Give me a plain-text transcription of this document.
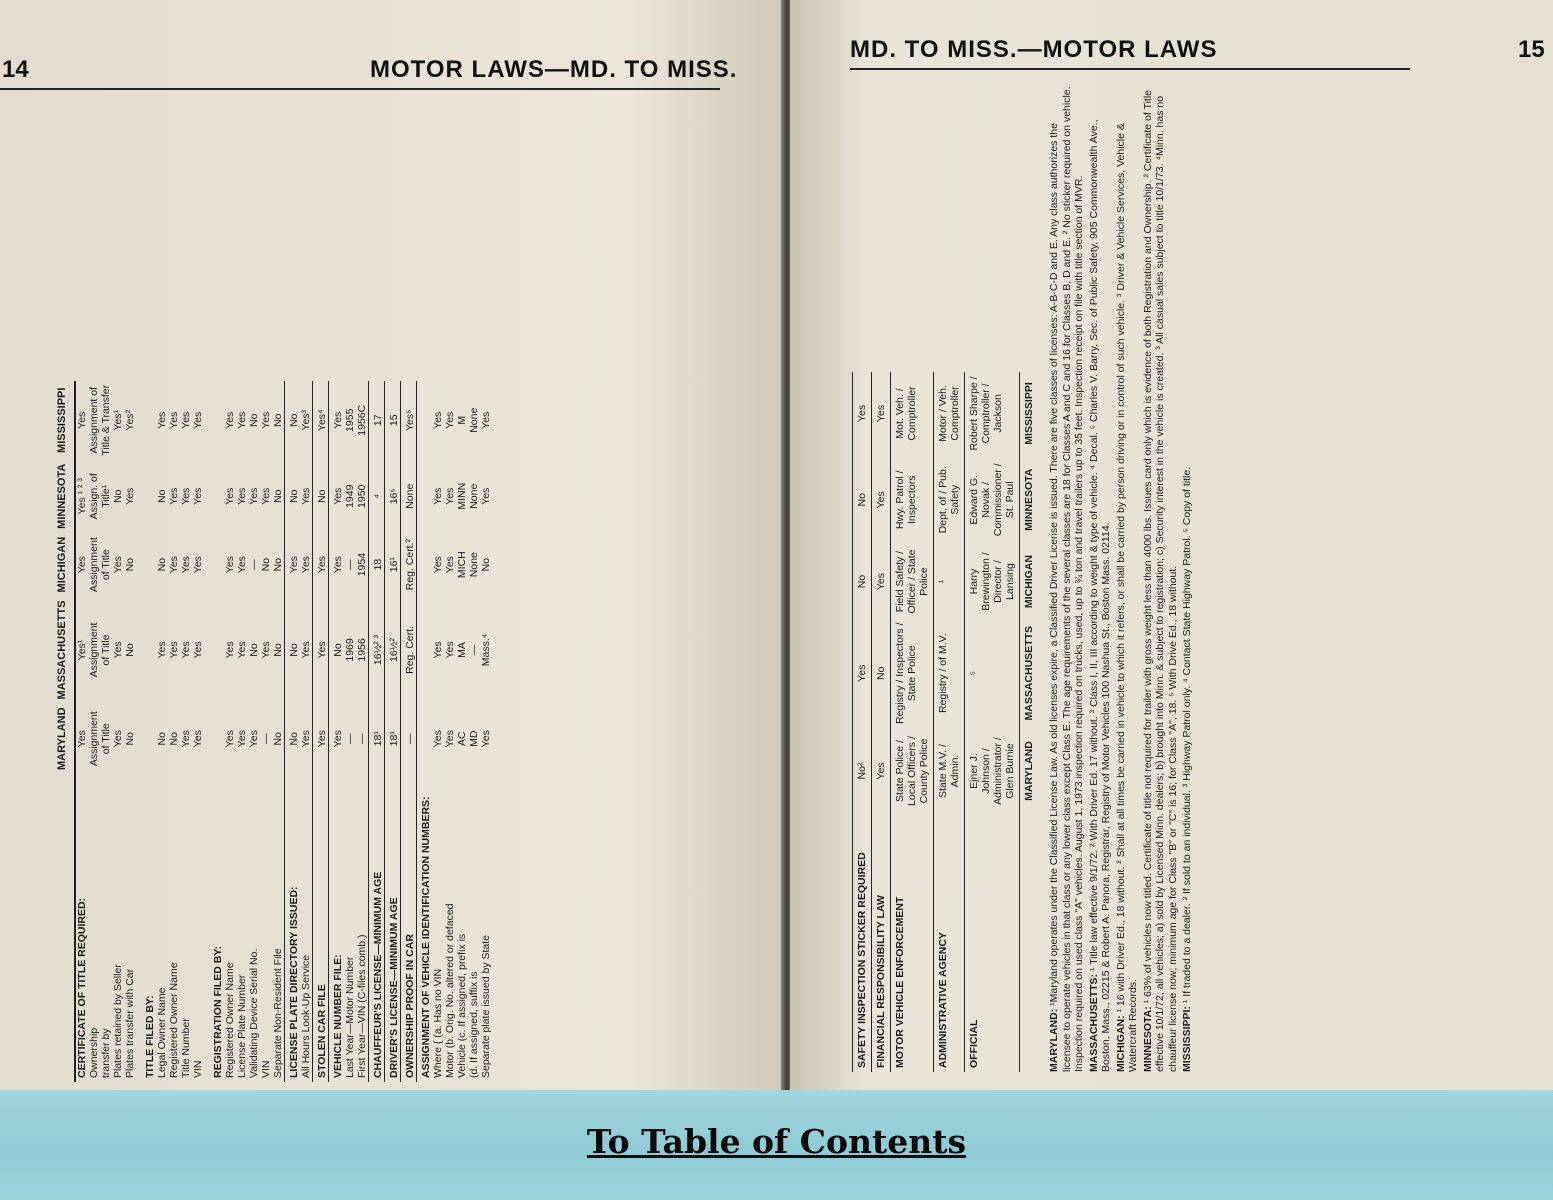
14	MOTOR LAWS—MD. TO MISS.
	MARYLAND	MASSACHUSETTS	MICHIGAN	MINNESOTA	MISSISSIPPI
CERTIFICATE OF TITLE REQUIRED:	Yes	Yes¹	Yes	Yes ¹ ² ³	Yes
Ownership	Assignment	Assignment	Assignment	Assign. of	Assignment of
transfer by	of Title	of Title	of Title	Title¹	Title & Transfer
Plates retained by Seller	Yes	Yes	Yes	No	Yes¹
Plates transfer with Car	No	No	No	Yes	Yes²

TITLE FILED BY:					
Legal Owner Name	No	Yes	No	No	Yes
Registered Owner Name	No	Yes	Yes	Yes	Yes
Title Number	Yes	Yes	Yes	Yes	Yes
VIN	Yes	Yes	Yes	Yes	Yes

REGISTRATION FILED BY:					
Registered Owner Name	Yes	Yes	Yes	Yes	Yes
License Plate Number	Yes	Yes	Yes	Yes	Yes
Validating Device Serial No.	Yes	No	—	Yes	No
VIN	—	Yes	No	Yes	Yes
Separate Non-Resident File	No	No	No	No	No
LICENSE PLATE DIRECTORY ISSUED:	No	No	Yes	No	No
All Hours Look-Up Service	Yes	Yes	Yes	Yes	Yes³
STOLEN CAR FILE	Yes	Yes	Yes	No	Yes⁴
VEHICLE NUMBER FILE:	Yes	No	Yes	Yes	Yes
Last Year—Motor Number	—	1969	—	1949	1955
First Year—VIN (C-files comb.)	—	1956	1954	1950	1956C
CHAUFFEUR'S LICENSE—MINIMUM AGE	18¹	16½² ³	18	⁴	17
DRIVER'S LICENSE—MINIMUM AGE	18¹	16½²	16¹	16⁵	15
OWNERSHIP PROOF IN CAR	—	Reg. Cert.	Reg. Cert.²	None	Yes⁵
ASSIGNMENT OF VEHICLE IDENTIFICATION NUMBERS:					
Where { (a. Has no VIN	Yes	Yes	Yes	Yes	Yes
Motor (b. Orig. No. altered or defaced	Yes	Yes	Yes	Yes	Yes
Vehicle (c. If assigned, prefix is	AC	MA	MICH	MINN	M
(d. If assigned, suffix is	MD	—	None	None	None
Separate plate issued by State	Yes	Mass.⁴	No	Yes	Yes
MD. TO MISS.—MOTOR LAWS	15
SAFETY INSPECTION STICKER REQUIRED	No²	Yes	No	No	Yes
FINANCIAL RESPONSIBILITY LAW	Yes	No	Yes	Yes	Yes
MOTOR VEHICLE ENFORCEMENT	State Police / Local Officers / County Police	Registry / Inspectors / State Police	Field Safety / Officer / State Police	Hwy. Patrol / Inspectors	Mot. Veh. / Comptroller
ADMINISTRATIVE AGENCY	State M.V. / Admin.	Registry / of M.V.	¹	Dept. of / Pub. Safety	Motor / Veh. Comptroller
OFFICIAL	Ejner J. Johnson / Administrator / Glen Burnie	⁵	Harry Brewington / Director / Lansing	Edward G. Novak / Commissioner / St. Paul	Robert Sharpe / Comptroller / Jackson
	MARYLAND	MASSACHUSETTS	MICHIGAN	MINNESOTA	MISSISSIPPI

MARYLAND: ¹Maryland operates under the Classified License Law. As old licenses expire, a Classified Driver License is issued. There are five classes of licenses: A-B-C-D and E. Any class authorizes the licensee to operate vehicles in that class or any lower class except Class E. The age requirements of the several classes are 18 for Classes A and C and 16 for Classes B, D and E. ² No sticker required on vehicle. Inspection required on used class "A" vehicles. August 1, 1973 inspection required on trucks, used, up to ¾ ton and travel trailers up to 35 feet. Inspection receipt on file with title section of MVR. MASSACHUSETTS: ¹ Title law effective 9/1/72. ² With Driver Ed. 17 without. ³ Class I, II, III according to weight & type of vehicle. ⁴ Decal. ⁵ Charles V. Barry, Sec. of Public Safety, 905 Commonwealth Ave., Boston, Mass., 02215 & Robert A. Panora, Registrar, Registry of Motor Vehicles 100 Nashua St., Boston Mass. 02114. MICHIGAN: ¹ 16 with Driver Ed., 18 without. ² Shall at all times be carried in vehicle to which it refers, or shall be carried by person driving or in control of such vehicle. ³ Driver & Vehicle Services, Vehicle & Watercraft Records. MINNESOTA: ¹ 63% of vehicles now titled. Certificate of title not required for trailer with gross weight less than 4000 lbs. Issues card only which is evidence of both Registration and Ownership. ² Certificate of Title effective 10/1/72, all vehicles; a) sold by Licensed Minn. dealers; b) brought into Minn. & subject to registration; c) Security interest in the vehicle is created. ³ All casual sales subject to title 10/1/73. ⁴Minn. has no chauffeur license now; minimum age for Class "B" or "C" is 16; for Class "A", 18. ⁵ With Drive Ed., 18 without. MISSISSIPPI: ¹ If traded to a dealer. ² If sold to an individual. ³ Highway Patrol only. ⁴ Contact State Highway Patrol. ⁵ Copy of title.

To Table of Contents
